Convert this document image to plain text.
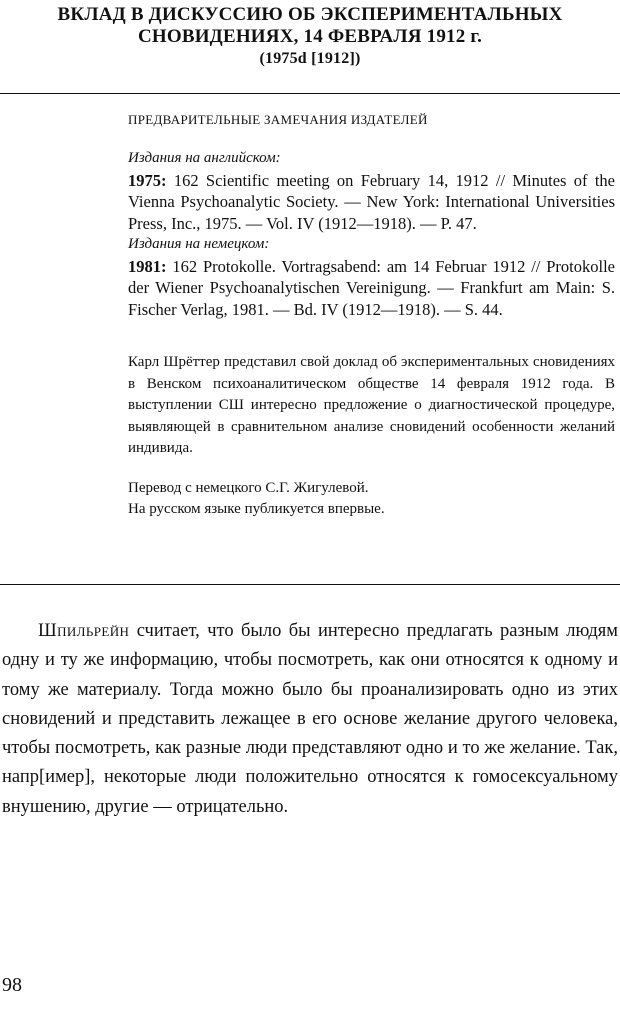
ВКЛАД В ДИСКУССИЮ ОБ ЭКСПЕРИМЕНТАЛЬНЫХ
СНОВИДЕНИЯХ, 14 ФЕВРАЛЯ 1912 г.
(1975d [1912])
ПРЕДВАРИТЕЛЬНЫЕ ЗАМЕЧАНИЯ ИЗДАТЕЛЕЙ

Издания на английском:

1975: 162 Scientific meeting on February 14, 1912 // Minutes of the Vienna Psychoanalytic Society. — New York: International Universities Press, Inc., 1975. — Vol. IV (1912—1918). — P. 47.

Издания на немецком:

1981: 162 Protokolle. Vortragsabend: am 14 Februar 1912 // Protokolle der Wiener Psychoanalytischen Vereinigung. — Frankfurt am Main: S. Fischer Verlag, 1981. — Bd. IV (1912—1918). — S. 44.

Карл Шрёттер представил свой доклад об экспериментальных сновидениях в Венском психоаналитическом обществе 14 февраля 1912 года. В выступлении СШ интересно предложение о диагностической процедуре, выявляющей в сравнительном анализе сновидений особенности желаний индивида.

Перевод с немецкого С.Г. Жигулевой.

На русском языке публикуется впервые.

Шпильрейн считает, что было бы интересно предлагать разным людям одну и ту же информацию, чтобы посмотреть, как они относятся к одному и тому же материалу. Тогда можно было бы проанализировать одно из этих сновидений и представить лежащее в его основе желание другого человека, чтобы посмотреть, как разные люди представляют одно и то же желание. Так, напр[имер], некоторые люди положительно относятся к гомосексуальному внушению, другие — отрицательно.

98
